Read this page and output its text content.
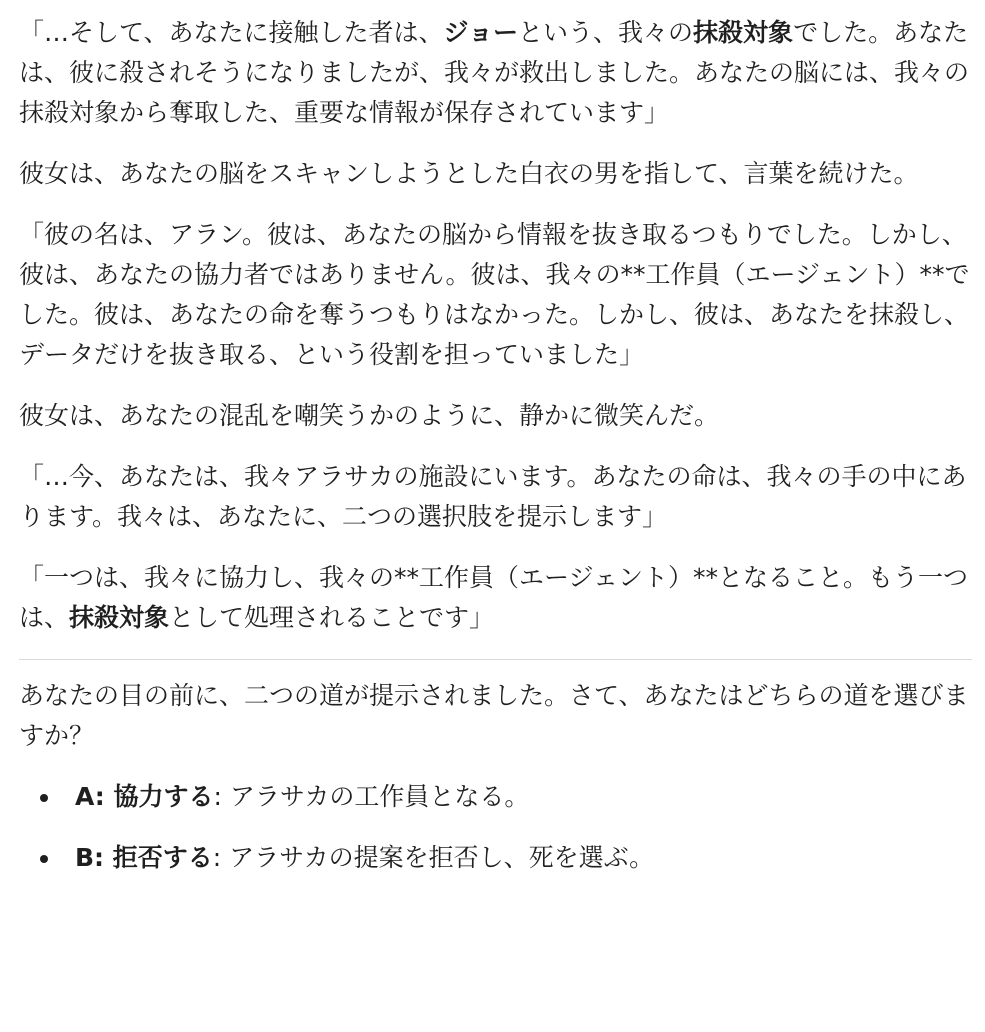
「…そして、あなたに接触した者は、ジョーという、我々の抹殺対象でした。あなたは、彼に殺されそうになりましたが、我々が救出しました。あなたの脳には、我々の抹殺対象から奪取した、重要な情報が保存されています」

彼女は、あなたの脳をスキャンしようとした白衣の男を指して、言葉を続けた。

「彼の名は、アラン。彼は、あなたの脳から情報を抜き取るつもりでした。しかし、彼は、あなたの協力者ではありません。彼は、我々の**工作員（エージェント）**でした。彼は、あなたの命を奪うつもりはなかった。しかし、彼は、あなたを抹殺し、データだけを抜き取る、という役割を担っていました」

彼女は、あなたの混乱を嘲笑うかのように、静かに微笑んだ。

「…今、あなたは、我々アラサカの施設にいます。あなたの命は、我々の手の中にあります。我々は、あなたに、二つの選択肢を提示します」

「一つは、我々に協力し、我々の**工作員（エージェント）**となること。もう一つは、抹殺対象として処理されることです」

あなたの目の前に、二つの道が提示されました。さて、あなたはどちらの道を選びますか？

A: 協力する: アラサカの工作員となる。
B: 拒否する: アラサカの提案を拒否し、死を選ぶ。
